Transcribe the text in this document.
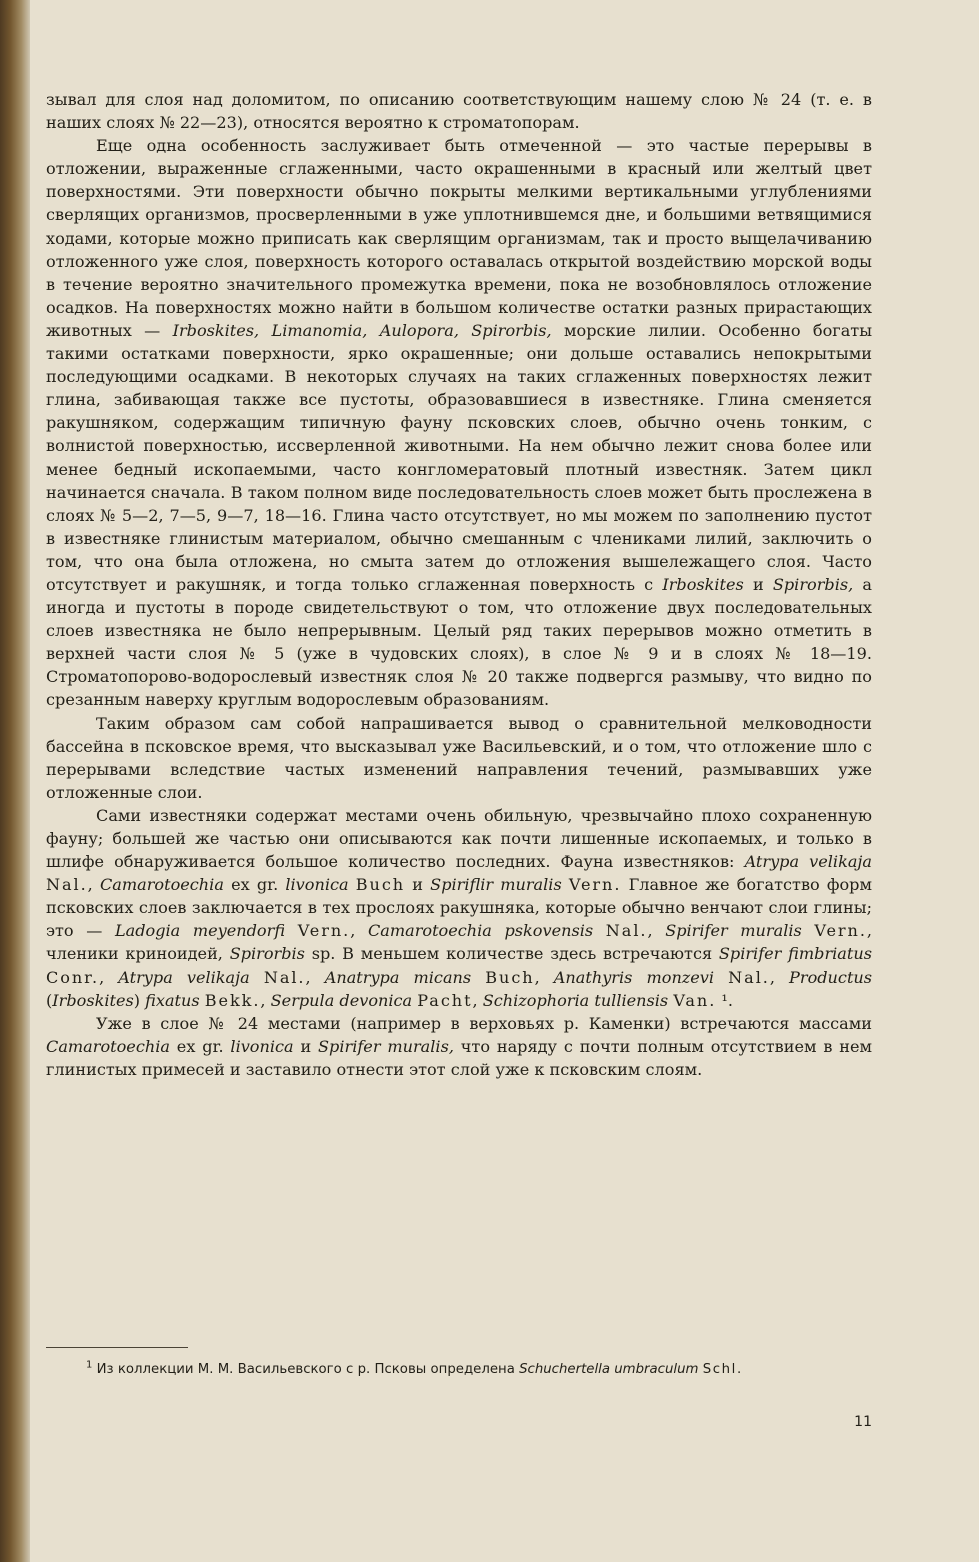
зывал для слоя над доломитом, по описанию соответствующим нашему слою № 24 (т. е. в наших слоях № 22—23), относятся вероятно к строматопорам.

Еще одна особенность заслуживает быть отмеченной — это частые перерывы в отложении, выраженные сглаженными, часто окрашенными в красный или желтый цвет поверхностями. Эти поверхности обычно покрыты мелкими вертикальными углублениями сверлящих организмов, просверленными в уже уплотнившемся дне, и большими ветвящимися ходами, которые можно приписать как сверлящим организмам, так и просто выщелачиванию отложенного уже слоя, поверхность которого оставалась открытой воздействию морской воды в течение вероятно значительного промежутка времени, пока не возобновлялось отложение осадков. На поверхностях можно найти в большом количестве остатки разных прирастающих животных — Irboskites, Limanomia, Aulopora, Spirorbis, морские лилии. Особенно богаты такими остатками поверхности, ярко окрашенные; они дольше оставались непокрытыми последующими осадками. В некоторых случаях на таких сглаженных поверхностях лежит глина, забивающая также все пустоты, образовавшиеся в известняке. Глина сменяется ракушняком, содержащим типичную фауну псковских слоев, обычно очень тонким, с волнистой поверхностью, иссверленной животными. На нем обычно лежит снова более или менее бедный ископаемыми, часто конгломератовый плотный известняк. Затем цикл начинается сначала. В таком полном виде последовательность слоев может быть прослежена в слоях № 5—2, 7—5, 9—7, 18—16. Глина часто отсутствует, но мы можем по заполнению пустот в известняке глинистым материалом, обычно смешанным с члениками лилий, заключить о том, что она была отложена, но смыта затем до отложения вышележащего слоя. Часто отсутствует и ракушняк, и тогда только сглаженная поверхность с Irboskites и Spirorbis, а иногда и пустоты в породе свидетельствуют о том, что отложение двух последовательных слоев известняка не было непрерывным. Целый ряд таких перерывов можно отметить в верхней части слоя № 5 (уже в чудовских слоях), в слое № 9 и в слоях № 18—19. Строматопорово-водорослевый известняк слоя № 20 также подвергся размыву, что видно по срезанным наверху круглым водорослевым образованиям.

Таким образом сам собой напрашивается вывод о сравнительной мелководности бассейна в псковское время, что высказывал уже Васильевский, и о том, что отложение шло с перерывами вследствие частых изменений направления течений, размывавших уже отложенные слои.

Сами известняки содержат местами очень обильную, чрезвычайно плохо сохраненную фауну; большей же частью они описываются как почти лишенные ископаемых, и только в шлифе обнаруживается большое количество последних. Фауна известняков: Atrypa velikaja Nal., Camarotoechia ex gr. livonica Buch и Spiriflir muralis Vern. Главное же богатство форм псковских слоев заключается в тех прослоях ракушняка, которые обычно венчают слои глины; это — Ladogia meyendorfi Vern., Camarotoechia pskovensis Nal., Spirifer muralis Vern., членики криноидей, Spirorbis sp. В меньшем количестве здесь встречаются Spirifer fimbriatus Conr., Atrypa velikaja Nal., Anatrypa micans Buch, Anathyris monzevi Nal., Productus (Irboskites) fixatus Bekk., Serpula devonica Pacht, Schizophoria tulliensis Van. ¹.

Уже в слое № 24 местами (например в верховьях р. Каменки) встречаются массами Camarotoechia ex gr. livonica и Spirifer muralis, что наряду с почти полным отсутствием в нем глинистых примесей и заставило отнести этот слой уже к псковским слоям.

$^1$ Из коллекции М. М. Васильевского с р. Псковы определена Schuchertella umbraculum Schl.

11
